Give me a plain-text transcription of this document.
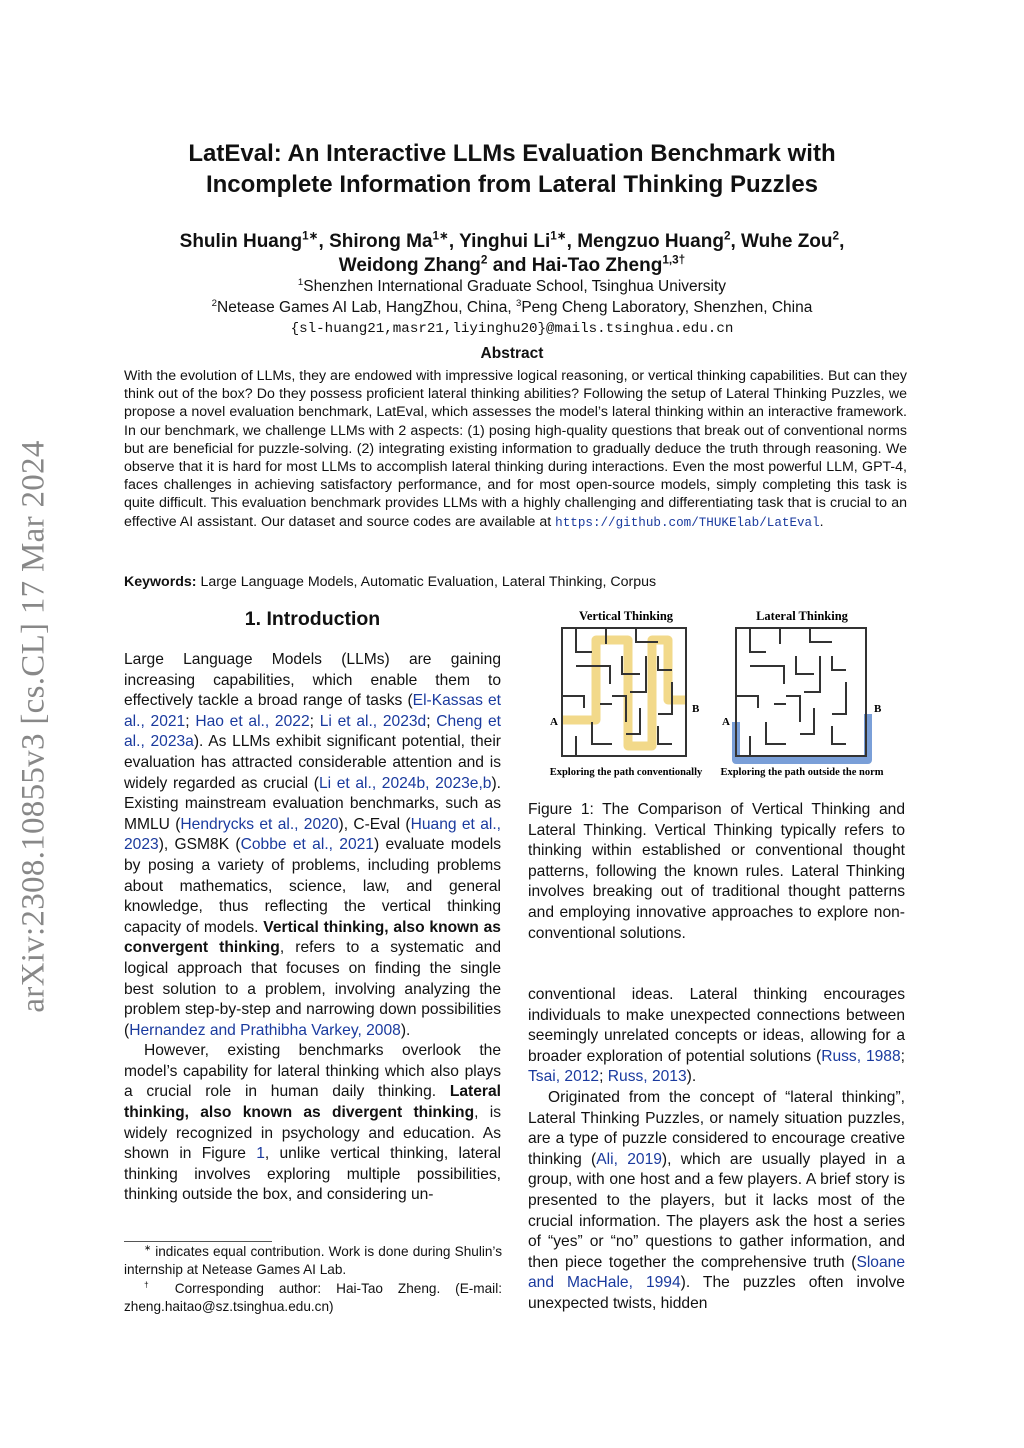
arXiv:2308.10855v3 [cs.CL] 17 Mar 2024
LatEval: An Interactive LLMs Evaluation Benchmark with
Incomplete Information from Lateral Thinking Puzzles
Shulin Huang$^{1∗}$, Shirong $Ma^{1∗}$, Yinghui $Li^{1∗}$, Mengzuo Huang$^2$, Wuhe Zou$^2$,
Weidong Zhang$^2$ and Hai-Tao Zheng$^{1,3\dagger}$
$^1$Shenzhen International Graduate School, Tsinghua University
$^2$Netease Games AI Lab, HangZhou, China, $^3$Peng Cheng Laboratory, Shenzhen, China
{sl-huang21,masr21,liyinghu20}@mails.tsinghua.edu.cn
Abstract
With the evolution of LLMs, they are endowed with impressive logical reasoning, or vertical thinking capabilities. But can they think out of the box? Do they possess proficient lateral thinking abilities? Following the setup of Lateral Thinking Puzzles, we propose a novel evaluation benchmark, LatEval, which assesses the model’s lateral thinking within an interactive framework. In our benchmark, we challenge LLMs with 2 aspects: (1) posing high-quality questions that break out of conventional norms but are beneficial for puzzle-solving. (2) integrating existing information to gradually deduce the truth through reasoning. We observe that it is hard for most LLMs to accomplish lateral thinking during interactions. Even the most powerful LLM, GPT-4, faces challenges in achieving satisfactory performance, and for most open-source models, simply completing this task is quite difficult. This evaluation benchmark provides LLMs with a highly challenging and differentiating task that is crucial to an effective AI assistant. Our dataset and source codes are available at https://github.com/THUKElab/LatEval.
Keywords: Large Language Models, Automatic Evaluation, Lateral Thinking, Corpus
1. Introduction

Large Language Models (LLMs) are gaining increasing capabilities, which enable them to effectively tackle a broad range of tasks (El-Kassas et al., 2021; Hao et al., 2022; Li et al., 2023d; Cheng et al., 2023a). As LLMs exhibit significant potential, their evaluation has attracted considerable attention and is widely regarded as crucial (Li et al., 2024b, 2023e,b). Existing mainstream evaluation benchmarks, such as MMLU (Hendrycks et al., 2020), C-Eval (Huang et al., 2023), GSM8K (Cobbe et al., 2021) evaluate models by posing a variety of problems, including problems about mathematics, science, law, and general knowledge, thus reflecting the vertical thinking capacity of models. Vertical thinking, also known as convergent thinking, refers to a systematic and logical approach that focuses on finding the single best solution to a problem, involving analyzing the problem step-by-step and narrowing down possibilities (Hernandez and Prathibha Varkey, 2008).

However, existing benchmarks overlook the model’s capability for lateral thinking which also plays a crucial role in human daily thinking. Lateral thinking, also known as divergent thinking, is widely recognized in psychology and education. As shown in Figure 1, unlike vertical thinking, lateral thinking involves exploring multiple possibilities, thinking outside the box, and considering un-

∗ indicates equal contribution. Work is done during Shulin’s internship at Netease Games AI Lab.
† Corresponding author: Hai-Tao Zheng. (E-mail: zheng.haitao@sz.tsinghua.edu.cn)
Vertical Thinking	Lateral Thinking
A
B
Exploring the path conventionally
A
B
Exploring the path outside the norm
Figure 1: The Comparison of Vertical Thinking and Lateral Thinking. Vertical Thinking typically refers to thinking within established or conventional thought patterns, following the known rules. Lateral Thinking involves breaking out of traditional thought patterns and employing innovative approaches to explore non-conventional solutions.

conventional ideas. Lateral thinking encourages individuals to make unexpected connections between seemingly unrelated concepts or ideas, allowing for a broader exploration of potential solutions (Russ, 1988; Tsai, 2012; Russ, 2013).

Originated from the concept of “lateral thinking”, Lateral Thinking Puzzles, or namely situation puzzles, are a type of puzzle considered to encourage creative thinking (Ali, 2019), which are usually played in a group, with one host and a few players. A brief story is presented to the players, but it lacks most of the crucial information. The players ask the host a series of “yes” or “no” questions to gather information, and then piece together the comprehensive truth (Sloane and MacHale, 1994). The puzzles often involve unexpected twists, hidden
